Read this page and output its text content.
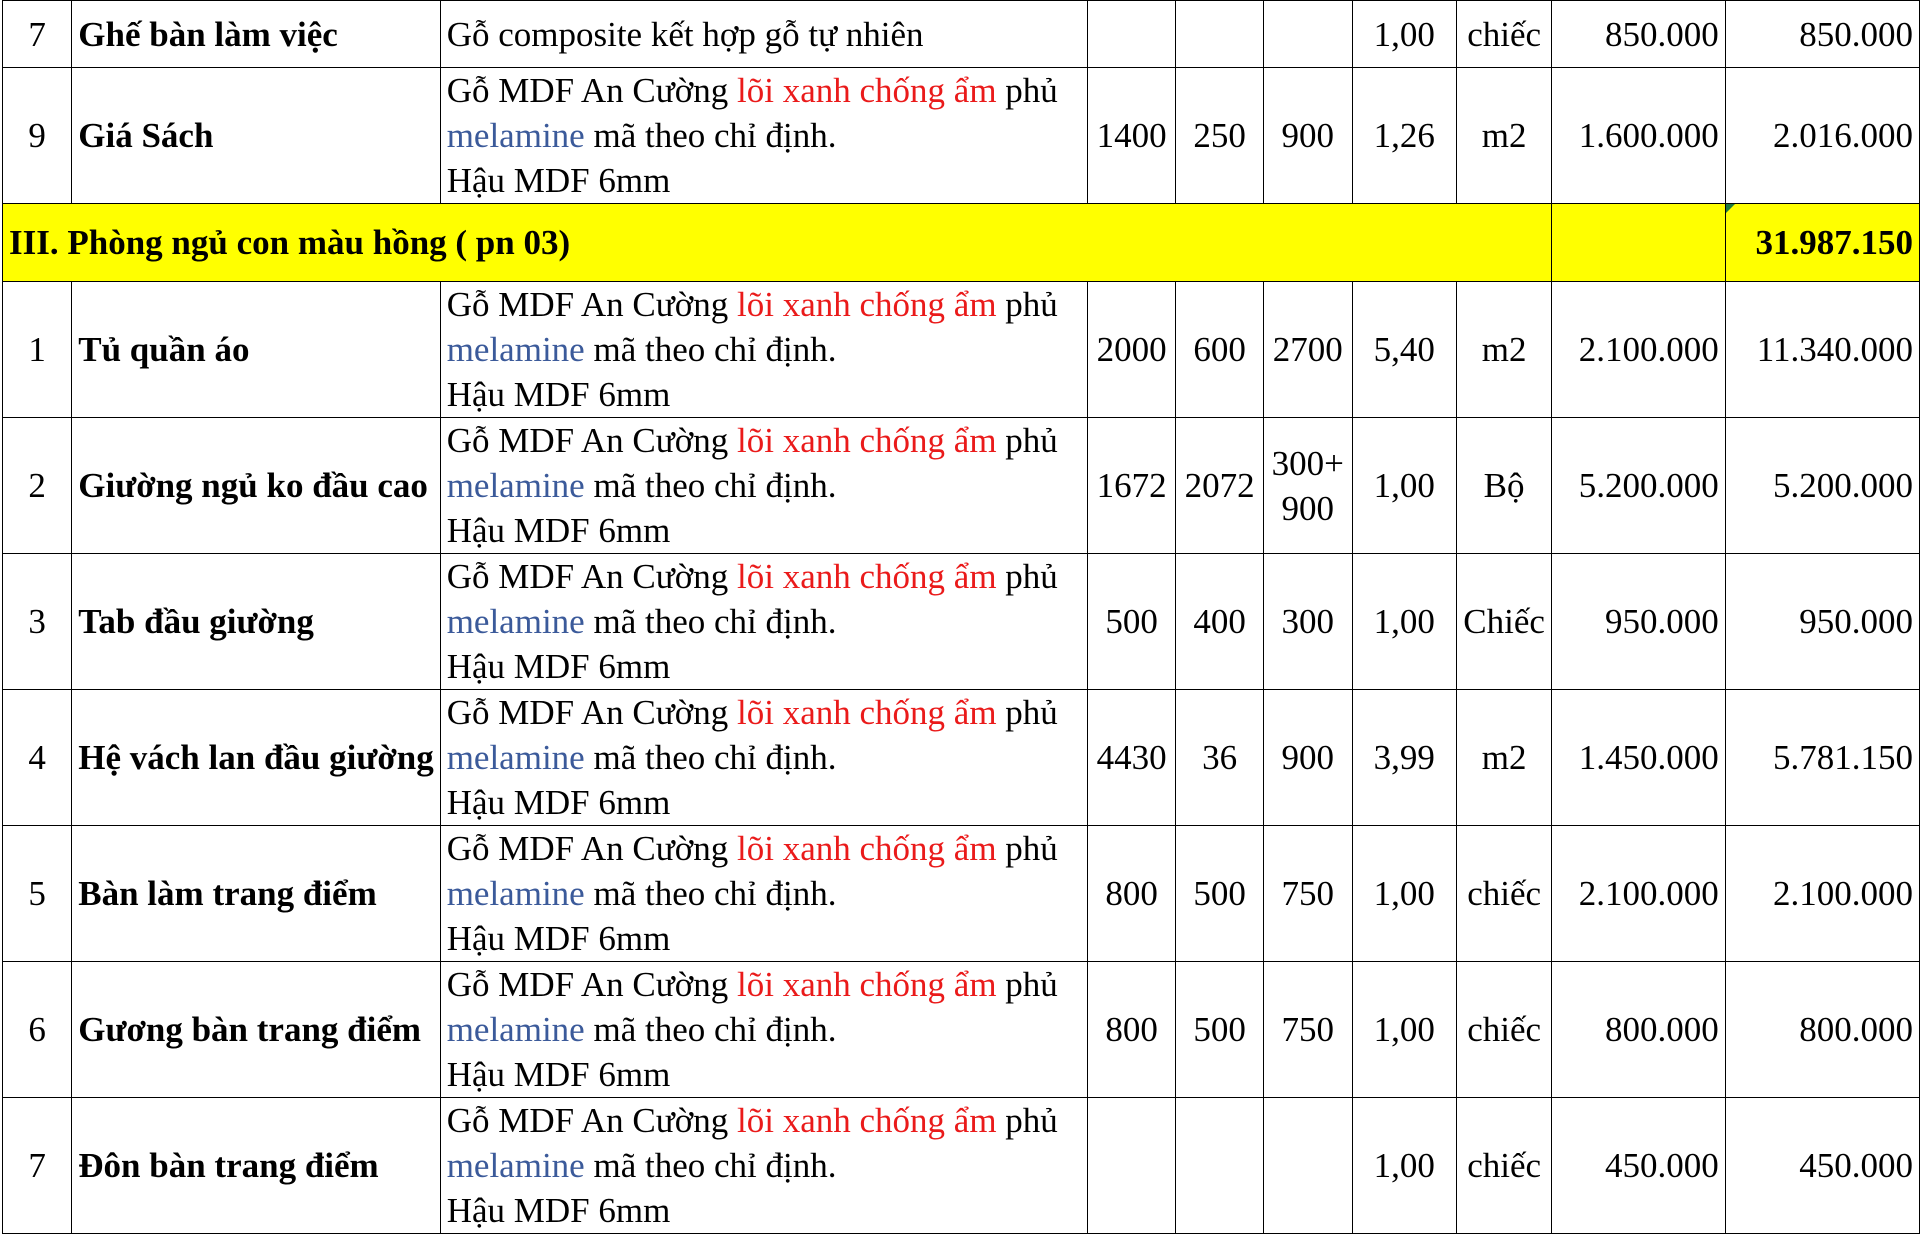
7	Ghế bàn làm việc	Gỗ composite kết hợp gỗ tự nhiên				1,00	chiếc	850.000	850.000
9	Giá Sách	Gỗ MDF An Cường lõi xanh chống ẩm phủ
melamine mã theo chỉ định.
Hậu MDF 6mm	1400	250	900	1,26	m2	1.600.000	2.016.000
III. Phòng ngủ con màu hồng ( pn 03)									31.987.150
1	Tủ quần áo	Gỗ MDF An Cường lõi xanh chống ẩm phủ
melamine mã theo chỉ định.
Hậu MDF 6mm	2000	600	2700	5,40	m2	2.100.000	11.340.000
2	Giường ngủ ko đầu cao	Gỗ MDF An Cường lõi xanh chống ẩm phủ
melamine mã theo chỉ định.
Hậu MDF 6mm	1672	2072	300+ 900	1,00	Bộ	5.200.000	5.200.000
3	Tab đầu giường	Gỗ MDF An Cường lõi xanh chống ẩm phủ
melamine mã theo chỉ định.
Hậu MDF 6mm	500	400	300	1,00	Chiếc	950.000	950.000
4	Hệ vách lan đầu giường	Gỗ MDF An Cường lõi xanh chống ẩm phủ
melamine mã theo chỉ định.
Hậu MDF 6mm	4430	36	900	3,99	m2	1.450.000	5.781.150
5	Bàn làm trang điểm	Gỗ MDF An Cường lõi xanh chống ẩm phủ
melamine mã theo chỉ định.
Hậu MDF 6mm	800	500	750	1,00	chiếc	2.100.000	2.100.000
6	Gương bàn trang điểm	Gỗ MDF An Cường lõi xanh chống ẩm phủ
melamine mã theo chỉ định.
Hậu MDF 6mm	800	500	750	1,00	chiếc	800.000	800.000
7	Đôn bàn trang điểm	Gỗ MDF An Cường lõi xanh chống ẩm phủ
melamine mã theo chỉ định.
Hậu MDF 6mm				1,00	chiếc	450.000	450.000
